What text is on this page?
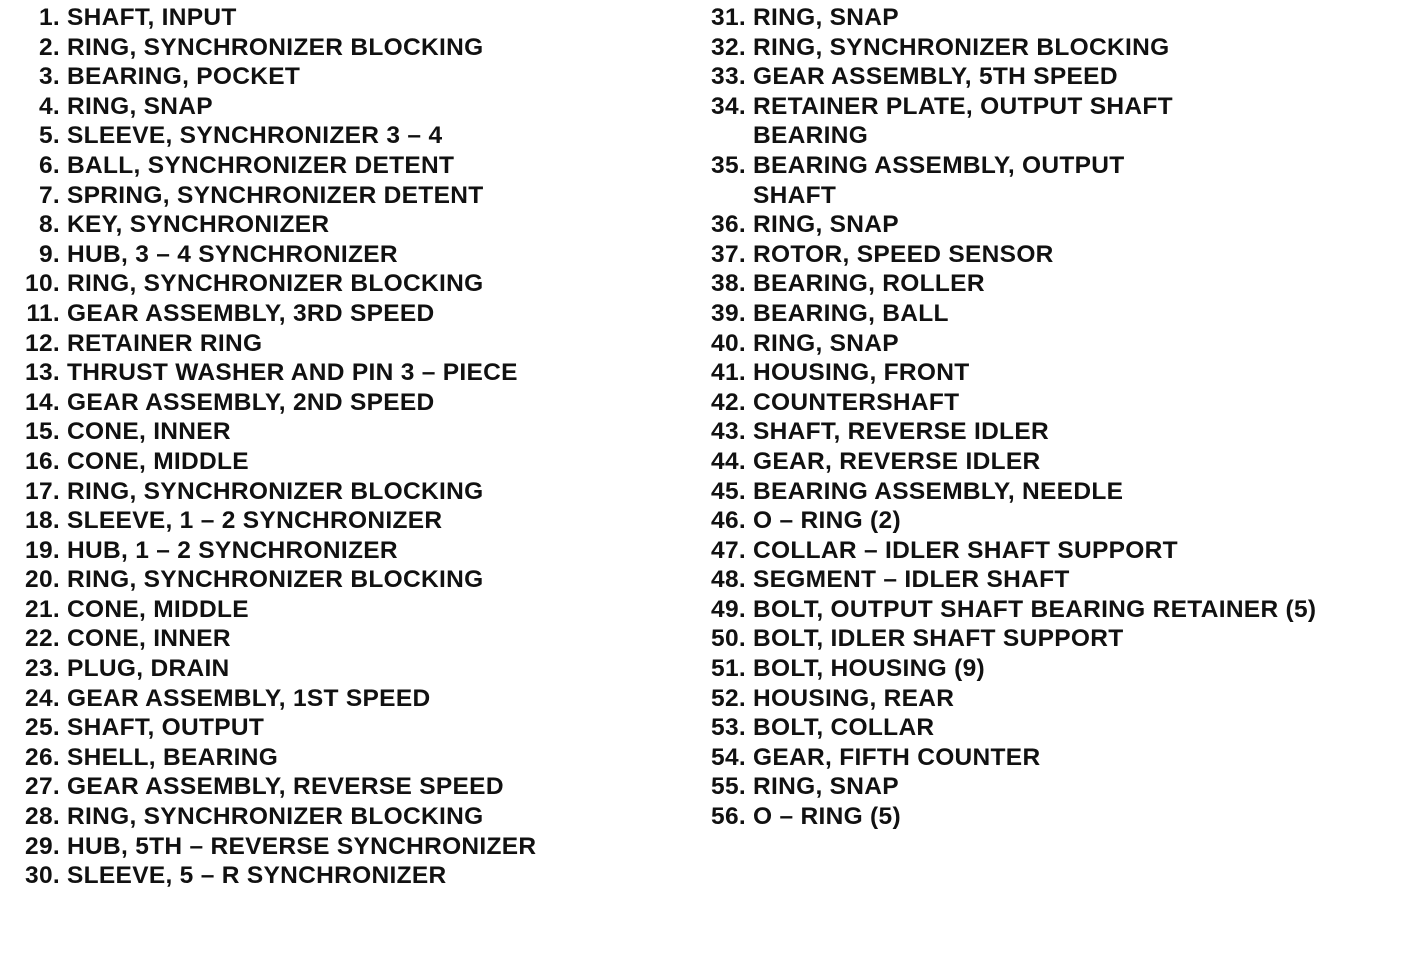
1. SHAFT, INPUT
2. RING, SYNCHRONIZER BLOCKING
3. BEARING, POCKET
4. RING, SNAP
5. SLEEVE, SYNCHRONIZER 3 – 4
6. BALL, SYNCHRONIZER DETENT
7. SPRING, SYNCHRONIZER DETENT
8. KEY, SYNCHRONIZER
9. HUB, 3 – 4 SYNCHRONIZER
10. RING, SYNCHRONIZER BLOCKING
11. GEAR ASSEMBLY, 3RD SPEED
12. RETAINER RING
13. THRUST WASHER AND PIN 3 – PIECE
14. GEAR ASSEMBLY, 2ND SPEED
15. CONE, INNER
16. CONE, MIDDLE
17. RING, SYNCHRONIZER BLOCKING
18. SLEEVE, 1 – 2 SYNCHRONIZER
19. HUB, 1 – 2 SYNCHRONIZER
20. RING, SYNCHRONIZER BLOCKING
21. CONE, MIDDLE
22. CONE, INNER
23. PLUG, DRAIN
24. GEAR ASSEMBLY, 1ST SPEED
25. SHAFT, OUTPUT
26. SHELL, BEARING
27. GEAR ASSEMBLY, REVERSE SPEED
28. RING, SYNCHRONIZER BLOCKING
29. HUB, 5TH – REVERSE SYNCHRONIZER
30. SLEEVE, 5 – R SYNCHRONIZER
31. RING, SNAP
32. RING, SYNCHRONIZER BLOCKING
33. GEAR ASSEMBLY, 5TH SPEED
34. RETAINER PLATE, OUTPUT SHAFT
BEARING
35. BEARING ASSEMBLY, OUTPUT
SHAFT
36. RING, SNAP
37. ROTOR, SPEED SENSOR
38. BEARING, ROLLER
39. BEARING, BALL
40. RING, SNAP
41. HOUSING, FRONT
42. COUNTERSHAFT
43. SHAFT, REVERSE IDLER
44. GEAR, REVERSE IDLER
45. BEARING ASSEMBLY, NEEDLE
46. O – RING (2)
47. COLLAR – IDLER SHAFT SUPPORT
48. SEGMENT – IDLER SHAFT
49. BOLT, OUTPUT SHAFT BEARING RETAINER (5)
50. BOLT, IDLER SHAFT SUPPORT
51. BOLT, HOUSING (9)
52. HOUSING, REAR
53. BOLT, COLLAR
54. GEAR, FIFTH COUNTER
55. RING, SNAP
56. O – RING (5)
